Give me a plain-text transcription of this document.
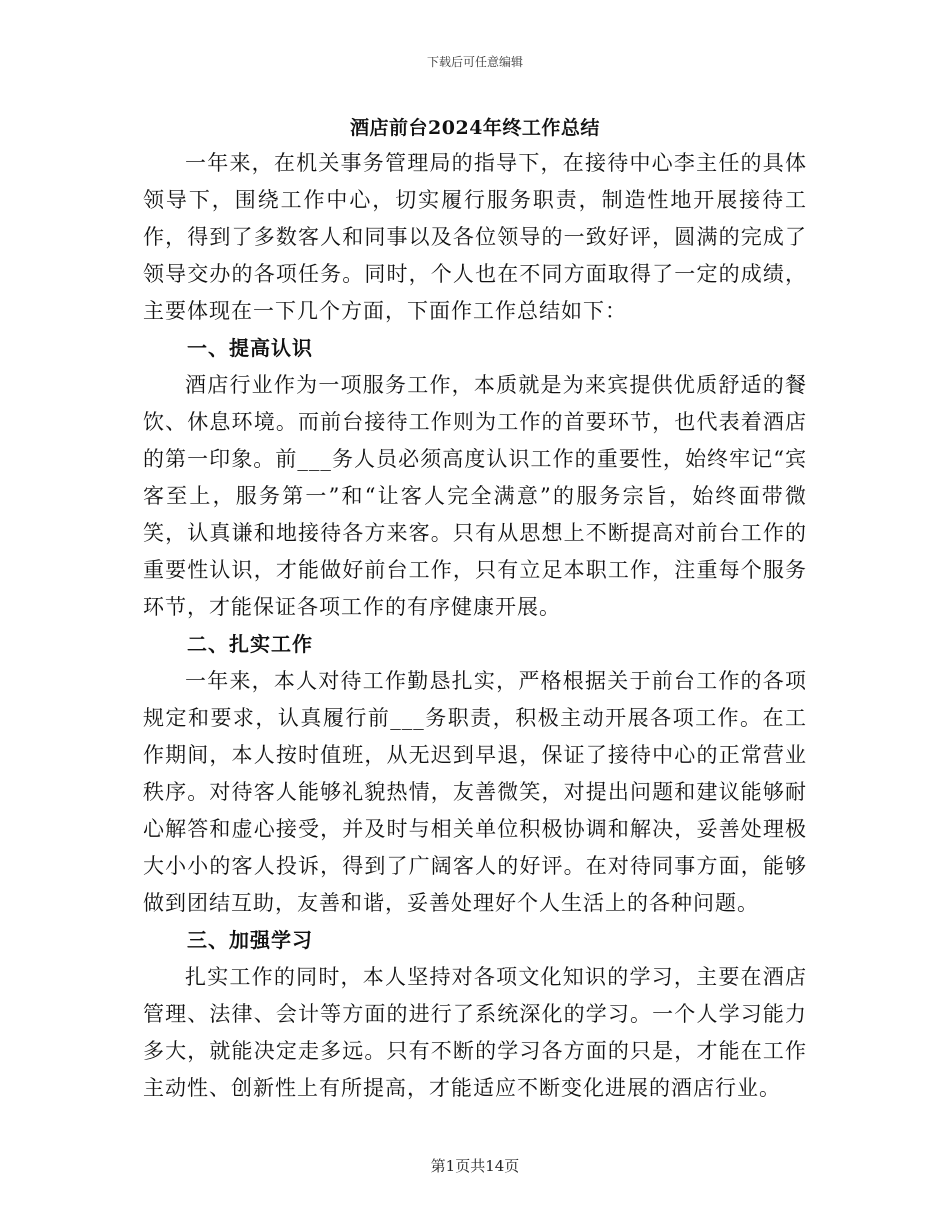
下载后可任意编辑
酒店前台2024年终工作总结

一年来，在机关事务管理局的指导下，在接待中心李主任的具体领导下，围绕工作中心，切实履行服务职责，制造性地开展接待工作，得到了多数客人和同事以及各位领导的一致好评，圆满的完成了领导交办的各项任务。同时，个人也在不同方面取得了一定的成绩，主要体现在一下几个方面，下面作工作总结如下：

一、提高认识

酒店行业作为一项服务工作，本质就是为来宾提供优质舒适的餐饮、休息环境。而前台接待工作则为工作的首要环节，也代表着酒店的第一印象。前___务人员必须高度认识工作的重要性，始终牢记“宾客至上，服务第一”和“让客人完全满意”的服务宗旨，始终面带微笑，认真谦和地接待各方来客。只有从思想上不断提高对前台工作的重要性认识，才能做好前台工作，只有立足本职工作，注重每个服务环节，才能保证各项工作的有序健康开展。

二、扎实工作

一年来，本人对待工作勤恳扎实，严格根据关于前台工作的各项规定和要求，认真履行前___务职责，积极主动开展各项工作。在工作期间，本人按时值班，从无迟到早退，保证了接待中心的正常营业秩序。对待客人能够礼貌热情，友善微笑，对提出问题和建议能够耐心解答和虚心接受，并及时与相关单位积极协调和解决，妥善处理极大小小的客人投诉，得到了广阔客人的好评。在对待同事方面，能够做到团结互助，友善和谐，妥善处理好个人生活上的各种问题。

三、加强学习

扎实工作的同时，本人坚持对各项文化知识的学习，主要在酒店管理、法律、会计等方面的进行了系统深化的学习。一个人学习能力多大，就能决定走多远。只有不断的学习各方面的只是，才能在工作主动性、创新性上有所提高，才能适应不断变化进展的酒店行业。

第1页共14页
